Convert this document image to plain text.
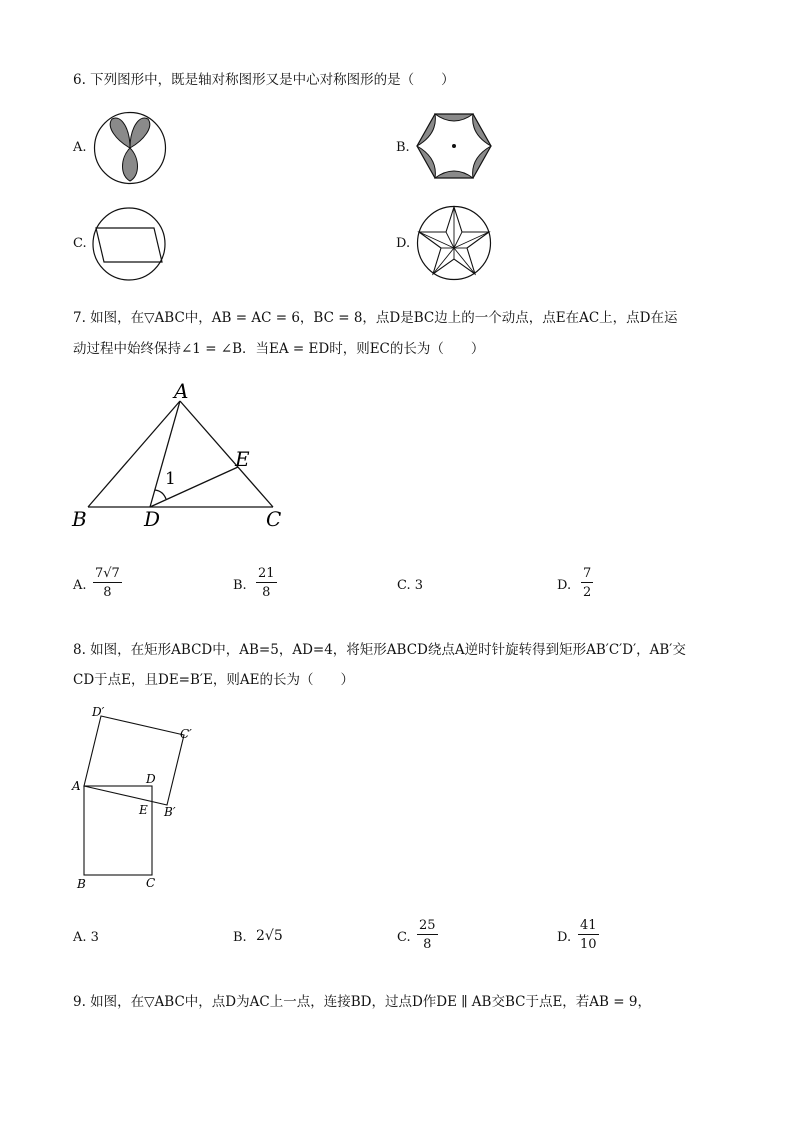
6. 下列图形中，既是轴对称图形又是中心对称图形的是（　　）
A.	B.
C.	D.
7. 如图，在▽ABC中，AB = AC = 6，BC = 8，点D是BC边上的一个动点，点E在AC上，点D在运
动过程中始终保持∠1 = ∠B．当EA = ED时，则EC的长为（　　）
A
B	C
D
E
1
A. $\frac{7√7}{8}$	B. $\frac{21}{8}$	C. 3	D. $\frac{7}{2}$
8. 如图，在矩形ABCD中，AB=5，AD=4，将矩形ABCD绕点A逆时针旋转得到矩形AB′C′D′，AB′交
CD于点E，且DE=B′E，则AE的长为（　　）
D′
C′
A	D
E B′
B	C
A. 3	B. 2√5	C. $\frac{25}{8}$	D. $\frac{41}{10}$
9. 如图，在▽ABC中，点D为AC上一点，连接BD，过点D作DE ∥ AB交BC于点E，若AB = 9，
